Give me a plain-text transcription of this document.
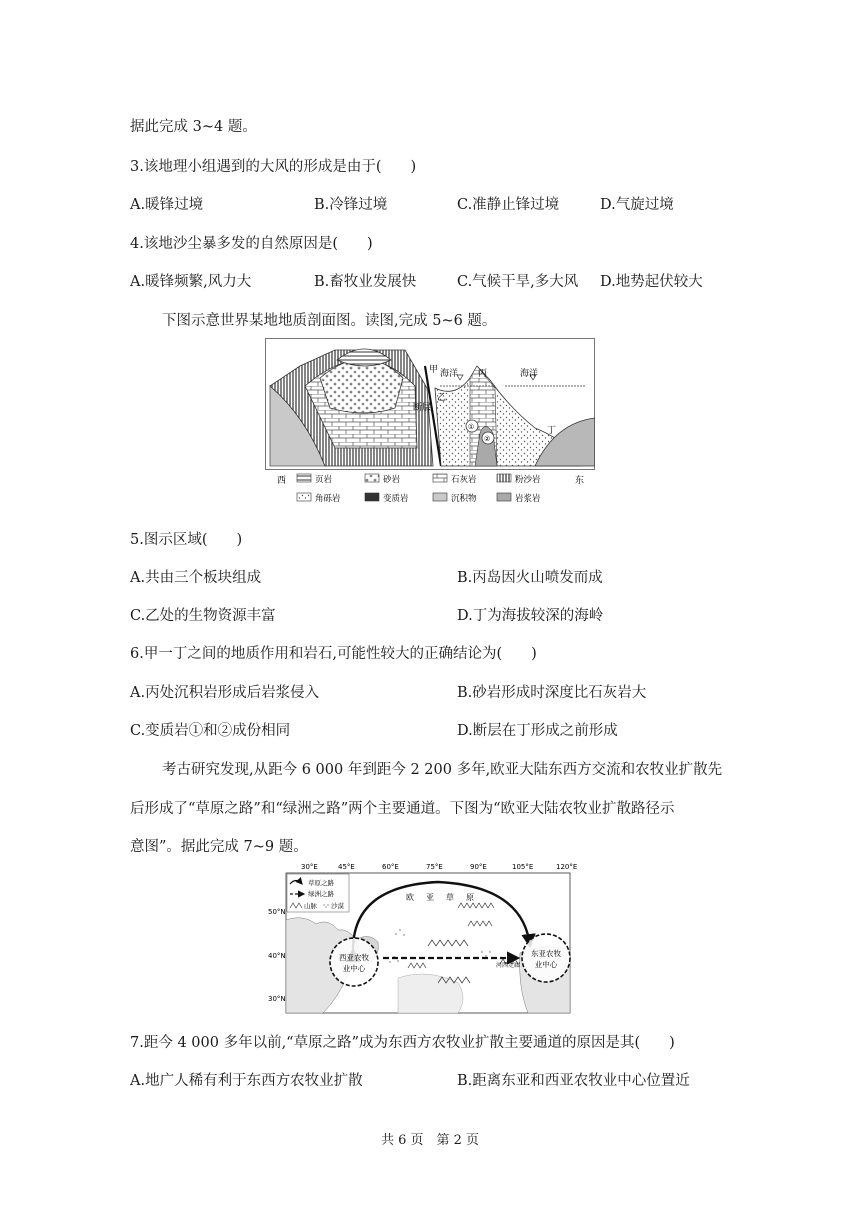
据此完成 3~4 题。
3.该地理小组遇到的大风的形成是由于(　　)
A.暖锋过境	B.冷锋过境	C.准静止锋过境	D.气旋过境
4.该地沙尘暴多发的自然原因是(　　)
A.暖锋频繁,风力大	B.畜牧业发展快	C.气候干旱,多大风 D.地势起伏较大
下图示意世界某地地质剖面图。读图,完成 5~6 题。
甲 海洋 丙	海洋
乙
断层
丁
①
②
西	东
页岩	砂岩	石灰岩	粉沙岩
角砾岩	变质岩	沉积物	岩浆岩
5.图示区域(　　)
A.共由三个板块组成	B.丙岛因火山喷发而成
C.乙处的生物资源丰富	D.丁为海拔较深的海岭
6.甲一丁之间的地质作用和岩石,可能性较大的正确结论为(　　)
A.丙处沉积岩形成后岩浆侵入	B.砂岩形成时深度比石灰岩大
C.变质岩①和②成份相同	D.断层在丁形成之前形成
考古研究发现,从距今 6 000 年到距今 2 200 多年,欧亚大陆东西方交流和农牧业扩散先
后形成了“草原之路”和“绿洲之路”两个主要通道。下图为“欧亚大陆农牧业扩散路径示
意图”。据此完成 7~9 题。
30°E	45°E	60°E	75°E	90°E	105°E	120°E
50°N
40°N
30°N
西亚农牧
业中心
东亚农牧
业中心
河西走廊
欧 亚 草 原
草原之路
绿洲之路
山脉 沙漠
7.距今 4 000 多年以前,“草原之路”成为东西方农牧业扩散主要通道的原因是其(　　)
A.地广人稀有利于东西方农牧业扩散	B.距离东亚和西亚农牧业中心位置近
共 6 页　第 2 页
